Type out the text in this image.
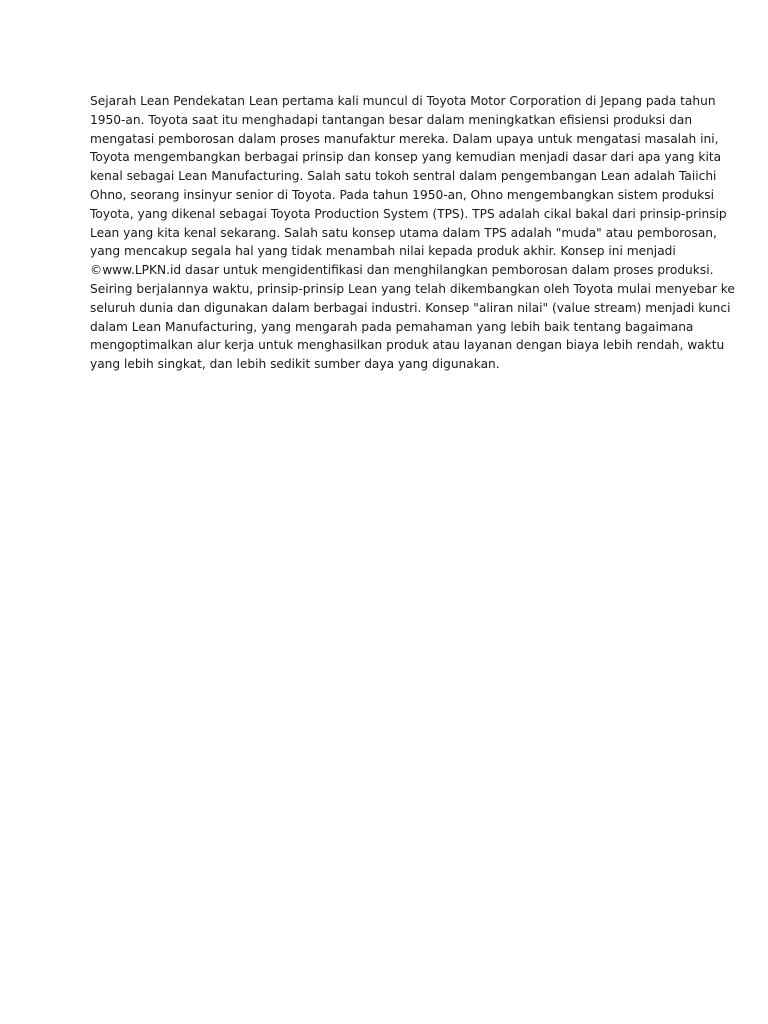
Sejarah Lean Pendekatan Lean pertama kali muncul di Toyota Motor Corporation di Jepang pada tahun
1950-an. Toyota saat itu menghadapi tantangan besar dalam meningkatkan efisiensi produksi dan
mengatasi pemborosan dalam proses manufaktur mereka. Dalam upaya untuk mengatasi masalah ini,
Toyota mengembangkan berbagai prinsip dan konsep yang kemudian menjadi dasar dari apa yang kita
kenal sebagai Lean Manufacturing. Salah satu tokoh sentral dalam pengembangan Lean adalah Taiichi
Ohno, seorang insinyur senior di Toyota. Pada tahun 1950-an, Ohno mengembangkan sistem produksi
Toyota, yang dikenal sebagai Toyota Production System (TPS). TPS adalah cikal bakal dari prinsip-prinsip
Lean yang kita kenal sekarang. Salah satu konsep utama dalam TPS adalah "muda" atau pemborosan,
yang mencakup segala hal yang tidak menambah nilai kepada produk akhir. Konsep ini menjadi
©www.LPKN.id dasar untuk mengidentifikasi dan menghilangkan pemborosan dalam proses produksi.
Seiring berjalannya waktu, prinsip-prinsip Lean yang telah dikembangkan oleh Toyota mulai menyebar ke
seluruh dunia dan digunakan dalam berbagai industri. Konsep "aliran nilai" (value stream) menjadi kunci
dalam Lean Manufacturing, yang mengarah pada pemahaman yang lebih baik tentang bagaimana
mengoptimalkan alur kerja untuk menghasilkan produk atau layanan dengan biaya lebih rendah, waktu
yang lebih singkat, dan lebih sedikit sumber daya yang digunakan.
